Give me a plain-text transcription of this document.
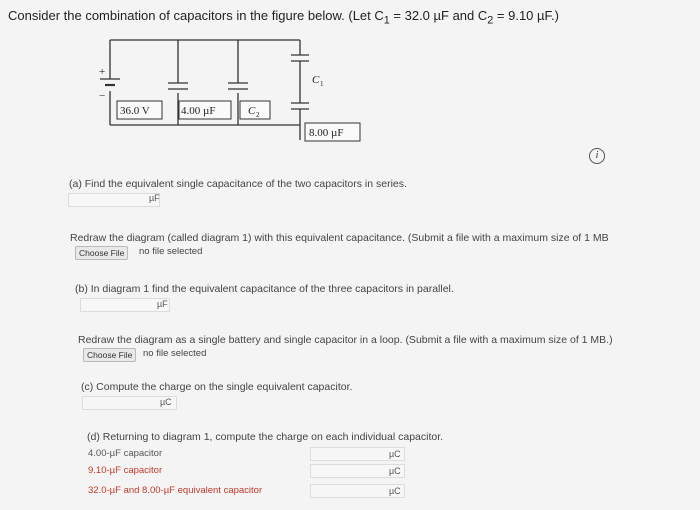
Consider the combination of capacitors in the figure below. (Let $C_1 = 32.0$ µF and $C_2 = 9.10$ µF.)
+
−
36.0 V	4.00 µF	C 2
C 1
8.00 µF
i
(a) Find the equivalent single capacitance of the two capacitors in series.
µF
Redraw the diagram (called diagram 1) with this equivalent capacitance. (Submit a file with a maximum size of 1 MB
Choose File	no file selected
(b) In diagram 1 find the equivalent capacitance of the three capacitors in parallel.
µF
Redraw the diagram as a single battery and single capacitor in a loop. (Submit a file with a maximum size of 1 MB.)
Choose File	no file selected
(c) Compute the charge on the single equivalent capacitor.
µC
(d) Returning to diagram 1, compute the charge on each individual capacitor.
4.00-µF capacitor	µC
9.10-µF capacitor	µC
32.0-µF and 8.00-µF equivalent capacitor	µC
